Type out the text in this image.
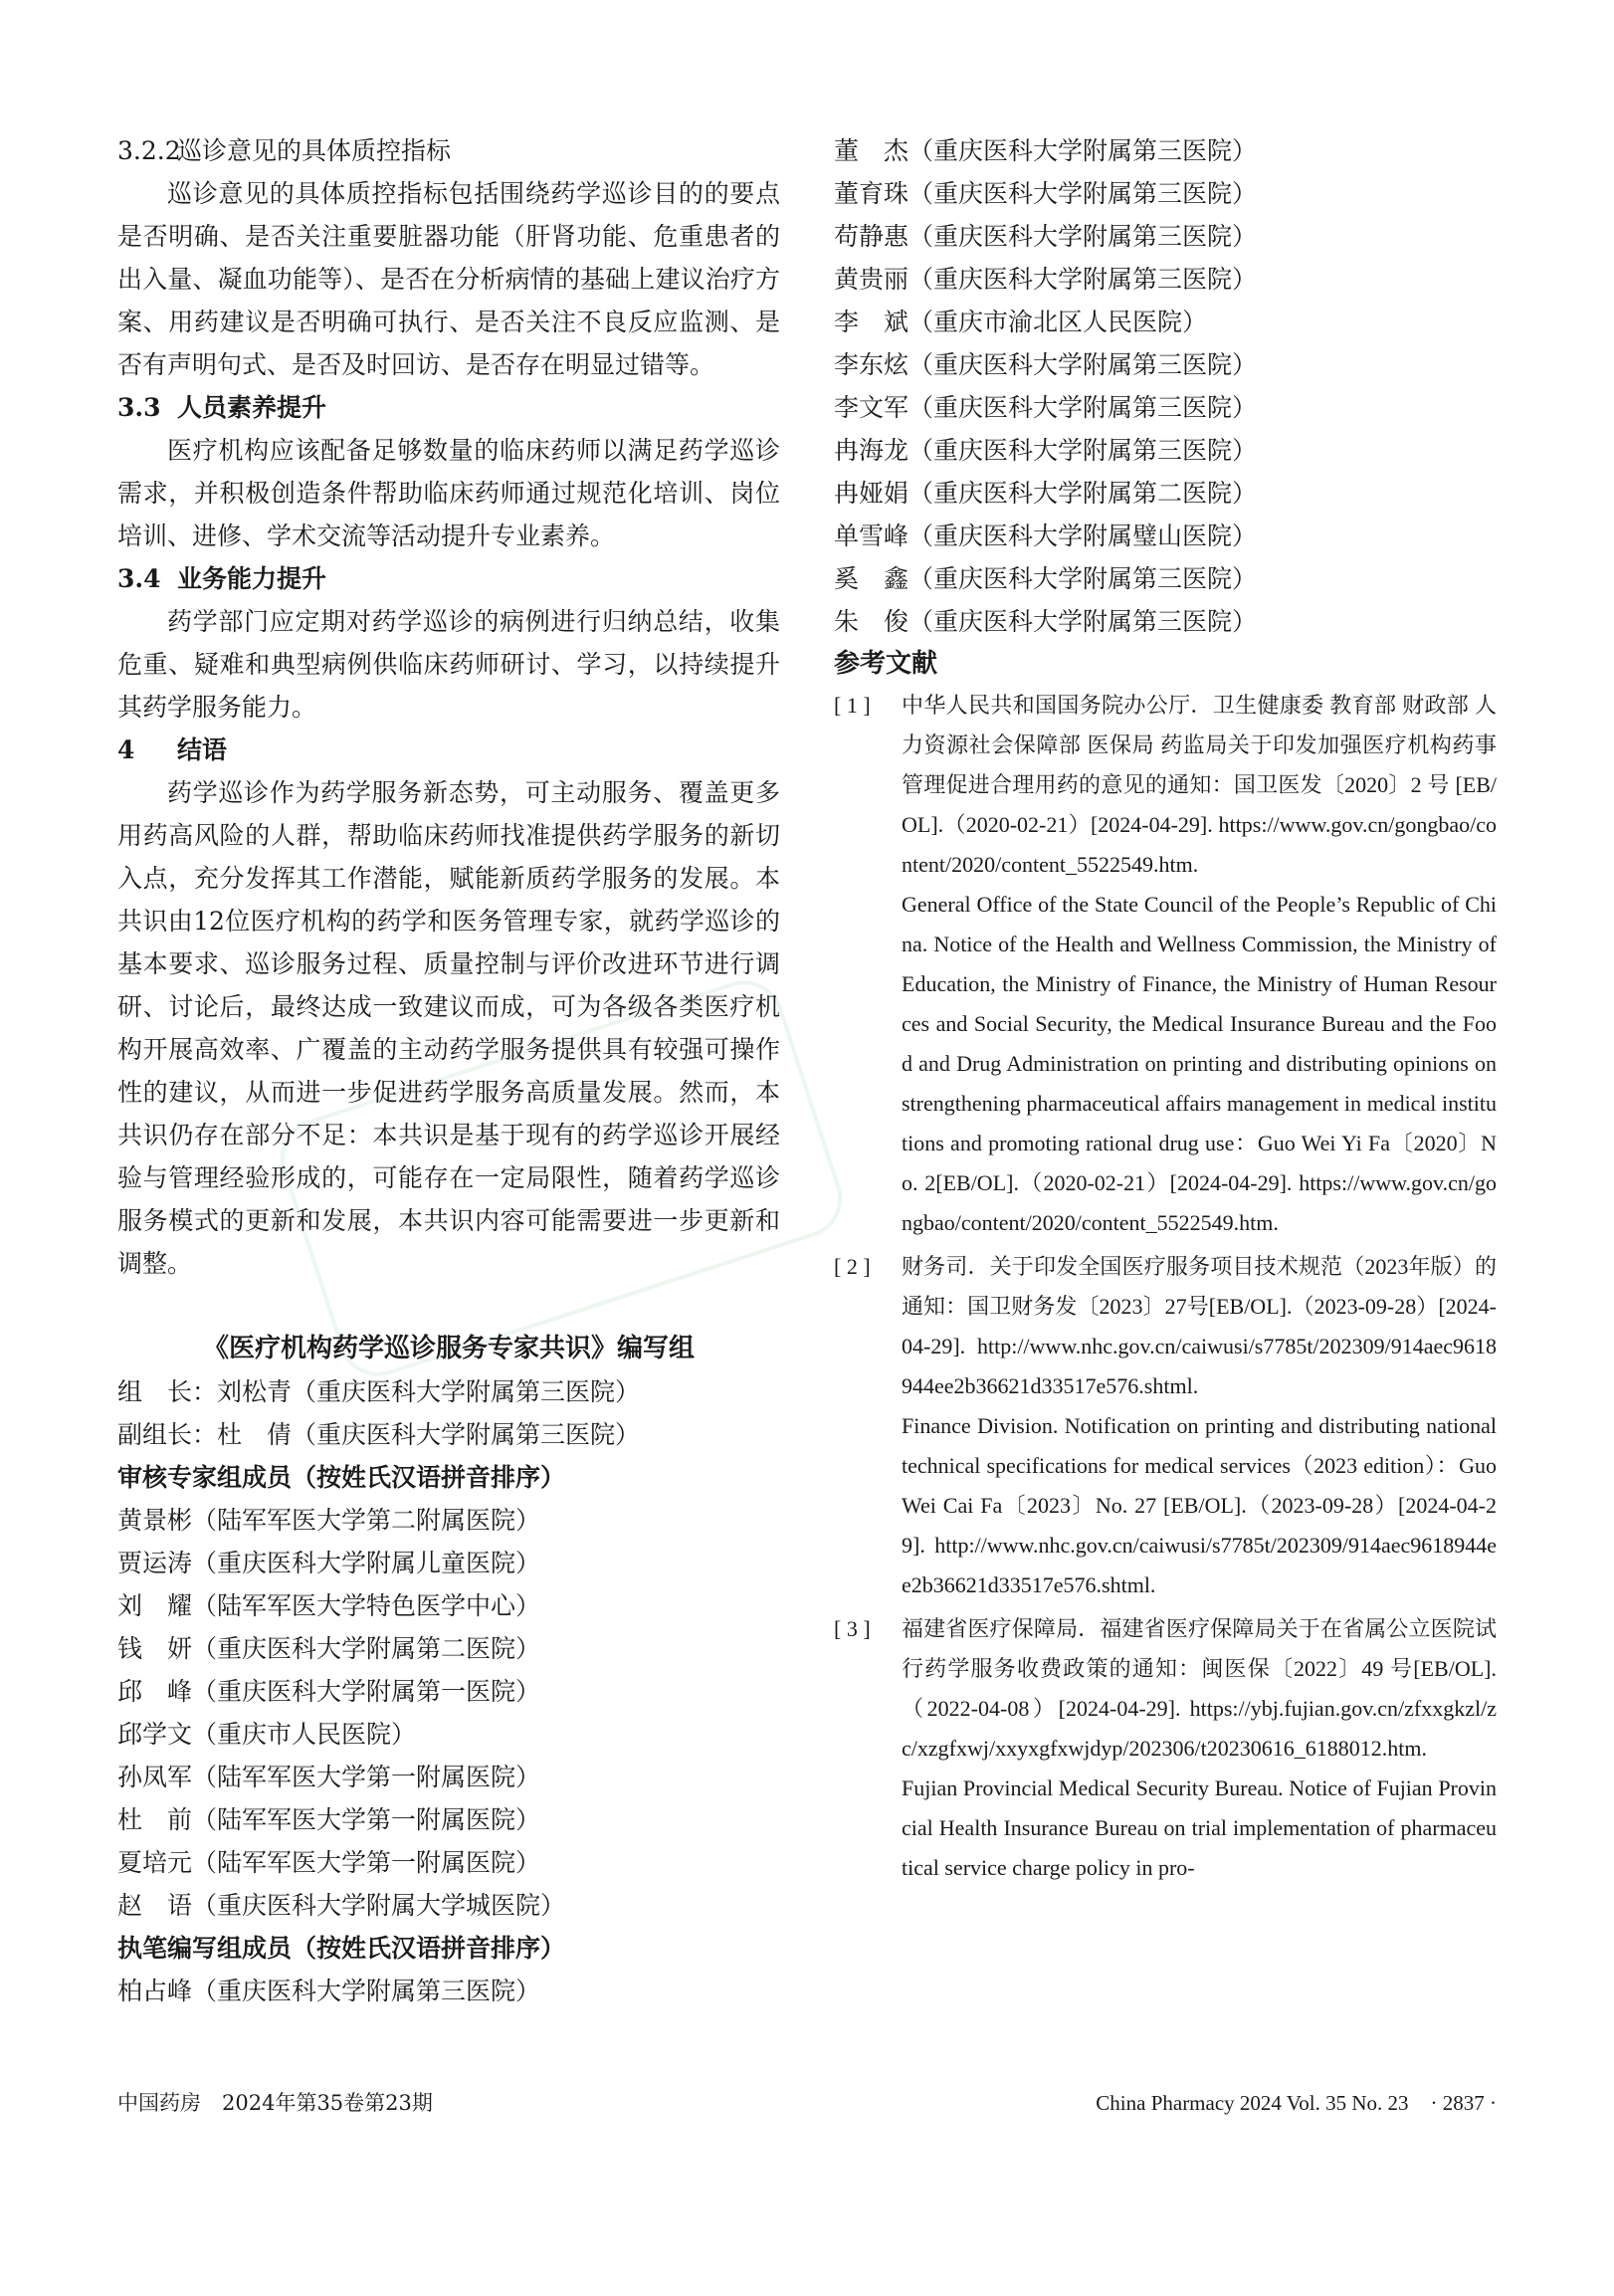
3.2.2巡诊意见的具体质控指标

巡诊意见的具体质控指标包括围绕药学巡诊目的的要点是否明确、是否关注重要脏器功能（肝肾功能、危重患者的出入量、凝血功能等）、是否在分析病情的基础上建议治疗方案、用药建议是否明确可执行、是否关注不良反应监测、是否有声明句式、是否及时回访、是否存在明显过错等。

3.3 人员素养提升

医疗机构应该配备足够数量的临床药师以满足药学巡诊需求，并积极创造条件帮助临床药师通过规范化培训、岗位培训、进修、学术交流等活动提升专业素养。

3.4 业务能力提升

药学部门应定期对药学巡诊的病例进行归纳总结，收集危重、疑难和典型病例供临床药师研讨、学习，以持续提升其药学服务能力。

4 结语

药学巡诊作为药学服务新态势，可主动服务、覆盖更多用药高风险的人群，帮助临床药师找准提供药学服务的新切入点，充分发挥其工作潜能，赋能新质药学服务的发展。本共识由12位医疗机构的药学和医务管理专家，就药学巡诊的基本要求、巡诊服务过程、质量控制与评价改进环节进行调研、讨论后，最终达成一致建议而成，可为各级各类医疗机构开展高效率、广覆盖的主动药学服务提供具有较强可操作性的建议，从而进一步促进药学服务高质量发展。然而，本共识仍存在部分不足：本共识是基于现有的药学巡诊开展经验与管理经验形成的，可能存在一定局限性，随着药学巡诊服务模式的更新和发展，本共识内容可能需要进一步更新和调整。

《医疗机构药学巡诊服务专家共识》编写组
组　长：刘松青（重庆医科大学附属第三医院）
副组长：杜　倩（重庆医科大学附属第三医院）
审核专家组成员（按姓氏汉语拼音排序）
黄景彬（陆军军医大学第二附属医院）
贾运涛（重庆医科大学附属儿童医院）
刘　耀（陆军军医大学特色医学中心）
钱　妍（重庆医科大学附属第二医院）
邱　峰（重庆医科大学附属第一医院）
邱学文（重庆市人民医院）
孙凤军（陆军军医大学第一附属医院）
杜　前（陆军军医大学第一附属医院）
夏培元（陆军军医大学第一附属医院）
赵　语（重庆医科大学附属大学城医院）
执笔编写组成员（按姓氏汉语拼音排序）
柏占峰（重庆医科大学附属第三医院）
董　杰（重庆医科大学附属第三医院）
董育珠（重庆医科大学附属第三医院）
苟静惠（重庆医科大学附属第三医院）
黄贵丽（重庆医科大学附属第三医院）
李　斌（重庆市渝北区人民医院）
李东炫（重庆医科大学附属第三医院）
李文军（重庆医科大学附属第三医院）
冉海龙（重庆医科大学附属第三医院）
冉娅娟（重庆医科大学附属第二医院）
单雪峰（重庆医科大学附属璧山医院）
奚　鑫（重庆医科大学附属第三医院）
朱　俊（重庆医科大学附属第三医院）
参考文献
[ 1 ] 中华人民共和国国务院办公厅．卫生健康委 教育部 财政部 人力资源社会保障部 医保局 药监局关于印发加强医疗机构药事管理促进合理用药的意见的通知：国卫医发〔2020〕2 号 [EB/OL].（2020-02-21）[2024-04-29]. https://www.gov.cn/gongbao/content/2020/content_5522549.htm.
General Office of the State Council of the People’s Republic of China. Notice of the Health and Wellness Commission, the Ministry of Education, the Ministry of Finance, the Ministry of Human Resources and Social Security, the Medical Insurance Bureau and the Food and Drug Administration on printing and distributing opinions on strengthening pharmaceutical affairs management in medical institutions and promoting rational drug use：Guo Wei Yi Fa〔2020〕No. 2[EB/OL].（2020-02-21）[2024-04-29]. https://www.gov.cn/gongbao/content/2020/content_5522549.htm.
[ 2 ] 财务司．关于印发全国医疗服务项目技术规范（2023年版）的通知：国卫财务发〔2023〕27号[EB/OL].（2023-09-28）[2024-04-29]. http://www.nhc.gov.cn/caiwusi/s7785t/202309/914aec9618944ee2b36621d33517e576.shtml.
Finance Division. Notification on printing and distributing national technical specifications for medical services（2023 edition）：Guo Wei Cai Fa〔2023〕No. 27 [EB/OL].（2023-09-28）[2024-04-29]. http://www.nhc.gov.cn/caiwusi/s7785t/202309/914aec9618944ee2b36621d33517e576.shtml.
[ 3 ] 福建省医疗保障局．福建省医疗保障局关于在省属公立医院试行药学服务收费政策的通知：闽医保〔2022〕49 号[EB/OL].（2022-04-08）[2024-04-29]. https://ybj.fujian.gov.cn/zfxxgkzl/zc/xzgfxwj/xxyxgfxwjdyp/202306/t20230616_6188012.htm.
Fujian Provincial Medical Security Bureau. Notice of Fujian Provincial Health Insurance Bureau on trial implementation of pharmaceutical service charge policy in pro-
中国药房　2024年第35卷第23期	China Pharmacy 2024 Vol. 35 No. 23 · 2837 ·
